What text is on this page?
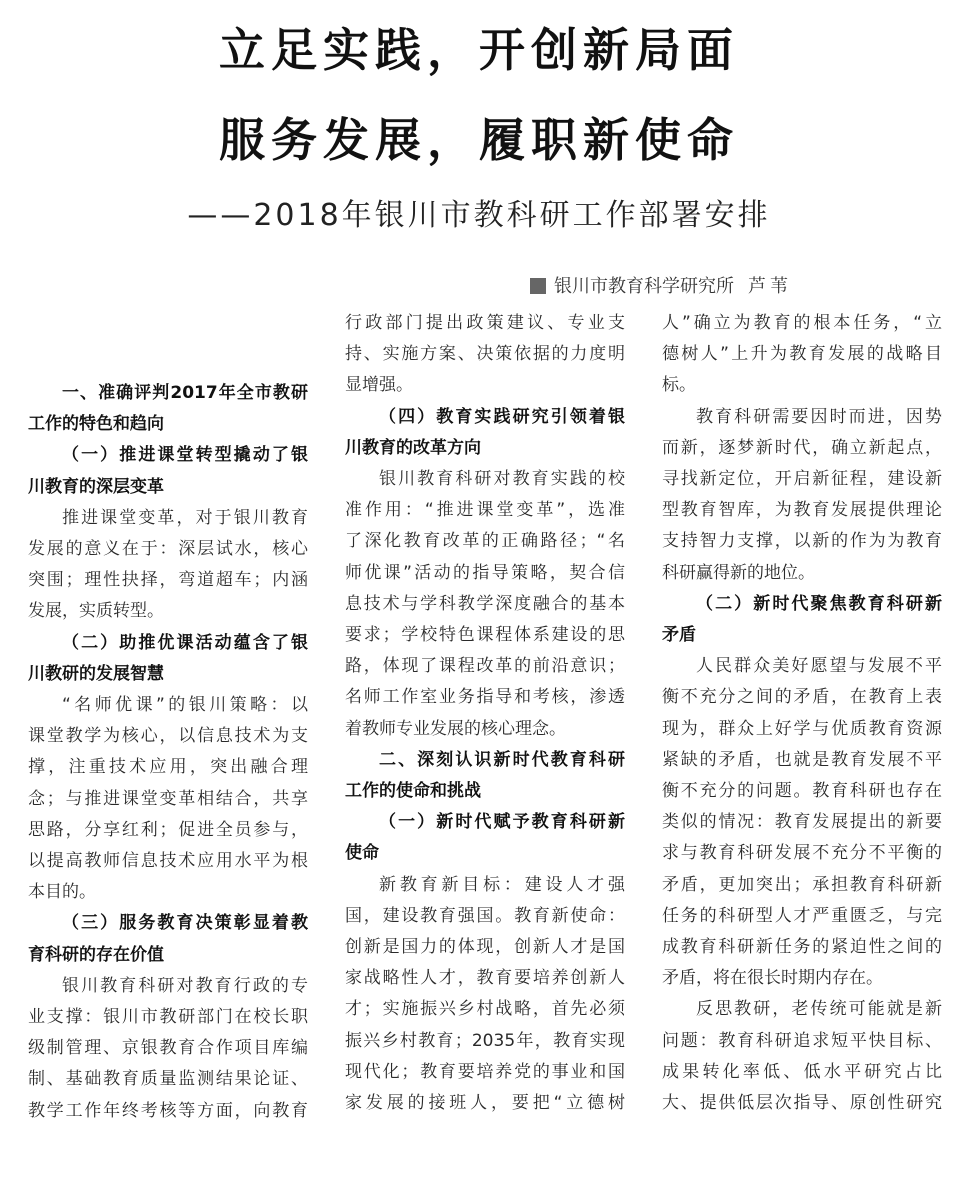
立足实践，开创新局面
服务发展，履职新使命
——2018年银川市教科研工作部署安排
银川市教育科学研究所 芦苇
一、准确评判2017年全市教研
工作的特色和趋向
（一）推进课堂转型撬动了银
川教育的深层变革
推进课堂变革，对于银川教育
发展的意义在于：深层试水，核心
突围；理性抉择，弯道超车；内涵
发展，实质转型。
（二）助推优课活动蕴含了银
川教研的发展智慧
“名师优课”的银川策略：以
课堂教学为核心，以信息技术为支
撑，注重技术应用，突出融合理
念；与推进课堂变革相结合，共享
思路，分享红利；促进全员参与，
以提高教师信息技术应用水平为根
本目的。
（三）服务教育决策彰显着教
育科研的存在价值
银川教育科研对教育行政的专
业支撑：银川市教研部门在校长职
级制管理、京银教育合作项目库编
制、基础教育质量监测结果论证、
教学工作年终考核等方面，向教育
行政部门提出政策建议、专业支
持、实施方案、决策依据的力度明
显增强。
（四）教育实践研究引领着银
川教育的改革方向
银川教育科研对教育实践的校
准作用：“推进课堂变革”，选准
了深化教育改革的正确路径；“名
师优课”活动的指导策略，契合信
息技术与学科教学深度融合的基本
要求；学校特色课程体系建设的思
路，体现了课程改革的前沿意识；
名师工作室业务指导和考核，渗透
着教师专业发展的核心理念。
二、深刻认识新时代教育科研
工作的使命和挑战
（一）新时代赋予教育科研新
使命
新教育新目标：建设人才强
国，建设教育强国。教育新使命：
创新是国力的体现，创新人才是国
家战略性人才，教育要培养创新人
才；实施振兴乡村战略，首先必须
振兴乡村教育；2035年，教育实现
现代化；教育要培养党的事业和国
家发展的接班人，要把“立德树
人”确立为教育的根本任务，“立
德树人”上升为教育发展的战略目
标。
教育科研需要因时而进，因势
而新，逐梦新时代，确立新起点，
寻找新定位，开启新征程，建设新
型教育智库，为教育发展提供理论
支持智力支撑，以新的作为为教育
科研赢得新的地位。
（二）新时代聚焦教育科研新
矛盾
人民群众美好愿望与发展不平
衡不充分之间的矛盾，在教育上表
现为，群众上好学与优质教育资源
紧缺的矛盾，也就是教育发展不平
衡不充分的问题。教育科研也存在
类似的情况：教育发展提出的新要
求与教育科研发展不充分不平衡的
矛盾，更加突出；承担教育科研新
任务的科研型人才严重匮乏，与完
成教育科研新任务的紧迫性之间的
矛盾，将在很长时期内存在。
反思教研，老传统可能就是新
问题：教育科研追求短平快目标、
成果转化率低、低水平研究占比
大、提供低层次指导、原创性研究
